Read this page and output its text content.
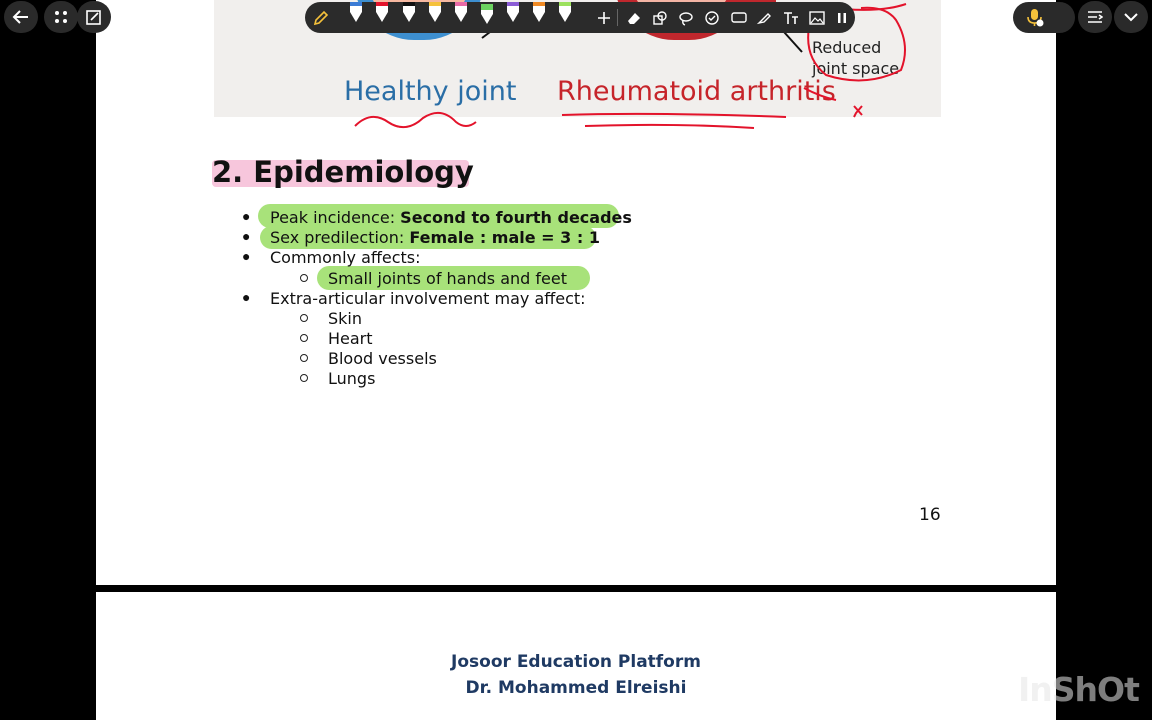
Healthy joint Rheumatoid arthritis
Reduced
joint space
2. Epidemiology
● Peak incidence: Second to fourth decades
● Sex predilection: Female : male = 3 : 1
● Commonly affects:
Small joints of hands and feet
● Extra-articular involvement may affect:
Skin
Heart
Blood vessels
Lungs
16
Josoor Education Platform
Dr. Mohammed Elreishi	InShOt
